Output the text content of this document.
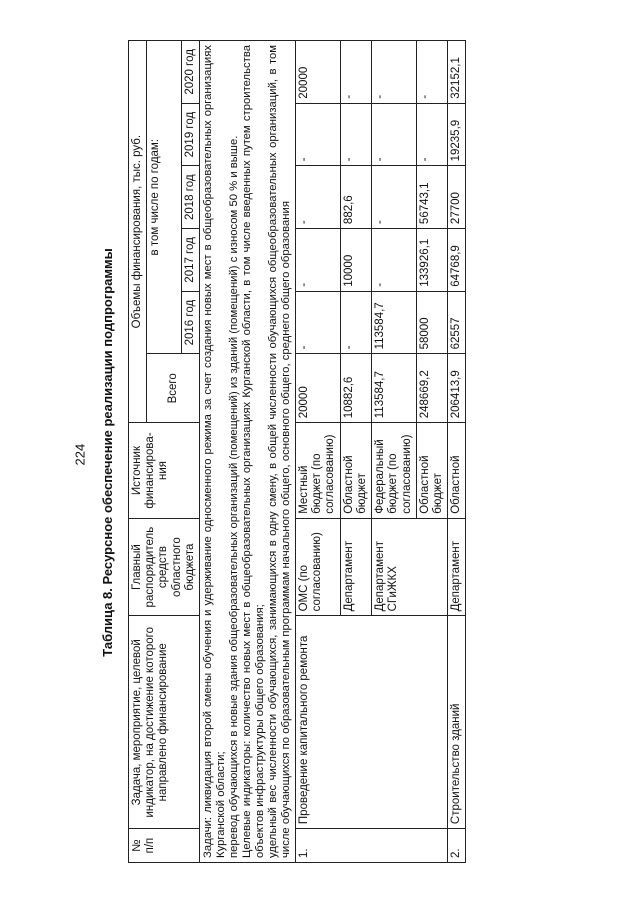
224 Таблица 8. Ресурсное обеспечение реализации подпрограммы
№ п/п	Задача, мероприятие, целевой индикатор, на достижение которого направлено финансирование	Главный распорядитель средств областного бюджета	Источник финансирова-ния	Объемы финансирования, тыс. руб.					
				Всего	в том числе по годам:				
					2016 год	2017 год	2018 год	2019 год	2020 год

Задачи: ликвидация второй смены обучения и удерживание односменного режима за счет создания новых мест в общеобразовательных организациях Курганской области; перевод обучающихся в новые здания общеобразовательных организаций (помещений) из зданий (помещений) с износом 50 % и выше. Целевые индикаторы: количество новых мест в общеобразовательных организациях Курганской области, в том числе введенных путем строительства объектов инфраструктуры общего образования; удельный вес численности обучающихся, занимающихся в одну смену, в общей численности обучающихся общеобразовательных организаций, в том числе обучающихся по образовательным программам начального общего, основного общего, среднего общего образования									

1.	Проведение капитального ремонта	ОМС (по согласованию)	Местный бюджет (по согласованию)	20000	-	-	-	-	20000
		Департамент	Областной бюджет	10882,6	-	10000	882,6	-	-
		Департамент СГиЖКХ	Федеральный бюджет (по согласованию)	113584,7	113584,7	-	-	-	-
			Областной бюджет	248669,2	58000	133926,1	56743,1	-	-
2.	Строительство зданий	Департамент	Областной	206413,9	62557	64768,9	27700	19235,9	32152,1
